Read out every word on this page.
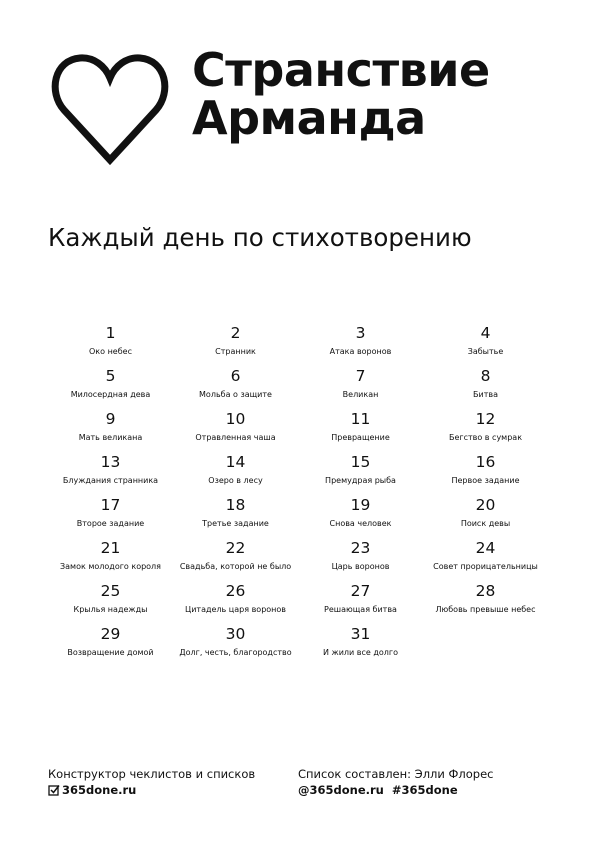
Странствие
Арманда
Каждый день по стихотворению
1
Око небес
2
Странник
3
Атака воронов
4
Забытье
5
Милосердная дева
6
Мольба о защите
7
Великан
8
Битва
9
Мать великана
10
Отравленная чаша
11
Превращение
12
Бегство в сумрак
13
Блуждания странника
14
Озеро в лесу
15
Премудрая рыба
16
Первое задание
17
Второе задание
18
Третье задание
19
Снова человек
20
Поиск девы
21
Замок молодого короля
22
Свадьба, которой не было
23
Царь воронов
24
Совет прорицательницы
25
Крылья надежды
26
Цитадель царя воронов
27
Решающая битва
28
Любовь превыше небес
29
Возвращение домой
30
Долг, честь, благородство
31
И жили все долго
Конструктор чеклистов и списков
365done.ru
Список составлен: Элли Флорес
@365done.ru  #365done
